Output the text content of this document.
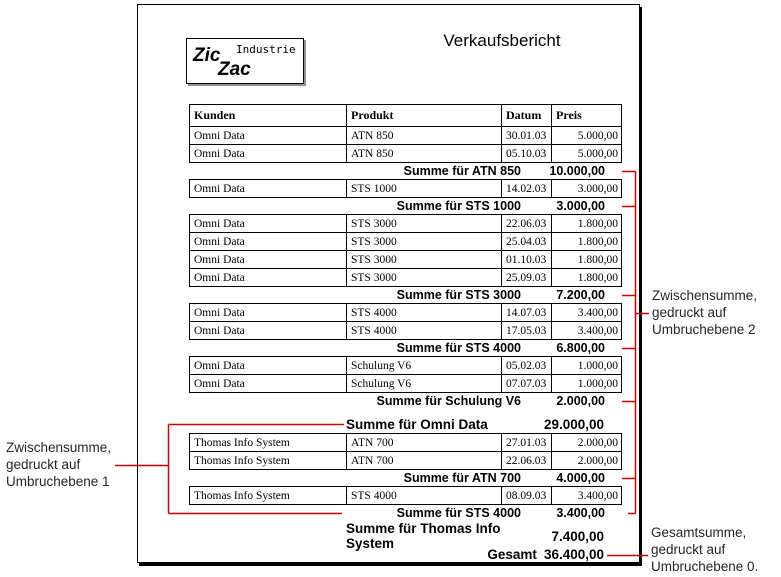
Zic
Zac
Industrie	Verkaufsbericht
Kunden	Produkt	Datum	Preis
Omni Data	ATN 850	30.01.03	5.000,00
Omni Data	ATN 850	05.10.03	5.000,00
Summe für ATN 850	10.000,00
Omni Data	STS 1000	14.02.03	3.000,00
Summe für STS 1000	3.000,00
Omni Data	STS 3000	22.06.03	1.800,00
Omni Data	STS 3000	25.04.03	1.800,00
Omni Data	STS 3000	01.10.03	1.800,00
Omni Data	STS 3000	25.09.03	1.800,00
Summe für STS 3000	7.200,00
Omni Data	STS 4000	14.07.03	3.400,00
Omni Data	STS 4000	17.05.03	3.400,00
Summe für STS 4000	6.800,00
Omni Data	Schulung V6	05.02.03	1.000,00
Omni Data	Schulung V6	07.07.03	1.000,00
Summe für Schulung V6	2.000,00
Summe für Omni Data	29.000,00
Thomas Info System	ATN 700	27.01.03	2.000,00
Thomas Info System	ATN 700	22.06.03	2.000,00
Summe für ATN 700	4.000,00
Thomas Info System	STS 4000	08.09.03	3.400,00
Summe für STS 4000	3.400,00
Summe für Thomas Info System	7.400,00
Gesamt 36.400,00
Zwischensumme,
gedruckt auf
Umbruchebene 1
Zwischensumme,
gedruckt auf
Umbruchebene 2
Gesamtsumme,
gedruckt auf
Umbruchebene 0.
